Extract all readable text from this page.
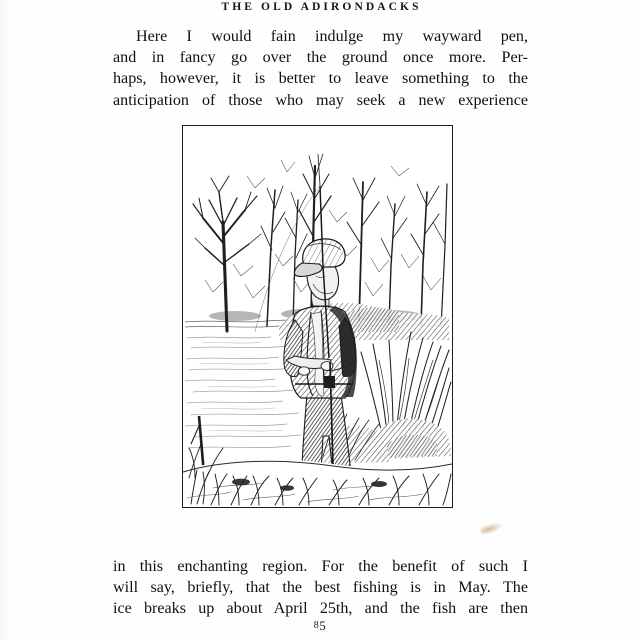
THE OLD ADIRONDACKS
Here I would fain indulge my wayward pen,
and in fancy go over the ground once more. Per-
haps, however, it is better to leave something to the
anticipation of those who may seek a new experience
in this enchanting region. For the benefit of such I
will say, briefly, that the best fishing is in May. The
ice breaks up about April 25th, and the fish are then
85
